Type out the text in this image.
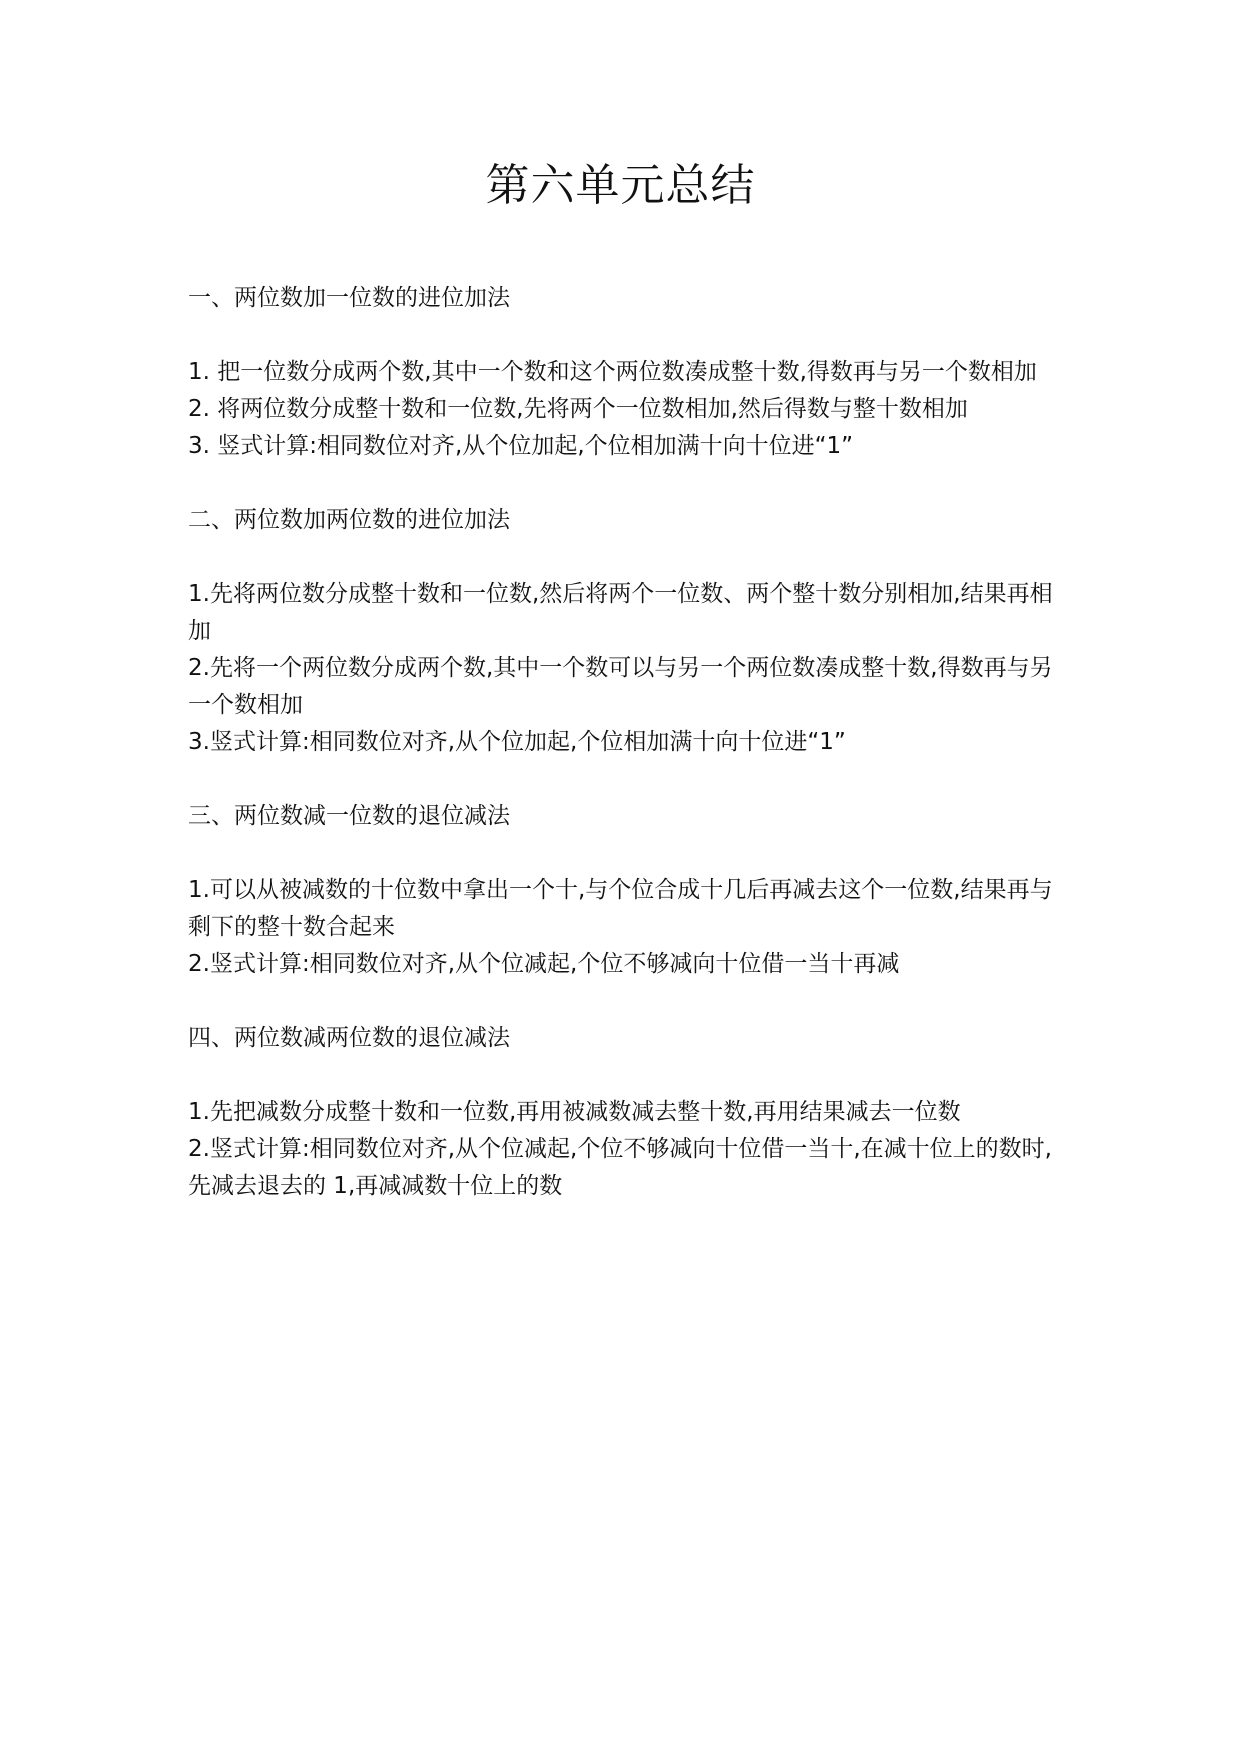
第六单元总结
一、两位数加一位数的进位加法
1. 把一位数分成两个数,其中一个数和这个两位数凑成整十数,得数再与另一个数相加
2. 将两位数分成整十数和一位数,先将两个一位数相加,然后得数与整十数相加
3. 竖式计算:相同数位对齐,从个位加起,个位相加满十向十位进“1”
二、两位数加两位数的进位加法
1.先将两位数分成整十数和一位数,然后将两个一位数、两个整十数分别相加,结果再相加
2.先将一个两位数分成两个数,其中一个数可以与另一个两位数凑成整十数,得数再与另一个数相加
3.竖式计算:相同数位对齐,从个位加起,个位相加满十向十位进“1”
三、两位数减一位数的退位减法
1.可以从被减数的十位数中拿出一个十,与个位合成十几后再减去这个一位数,结果再与剩下的整十数合起来
2.竖式计算:相同数位对齐,从个位减起,个位不够减向十位借一当十再减
四、两位数减两位数的退位减法
1.先把减数分成整十数和一位数,再用被减数减去整十数,再用结果减去一位数
2.竖式计算:相同数位对齐,从个位减起,个位不够减向十位借一当十,在减十位上的数时,先减去退去的 1,再减减数十位上的数
